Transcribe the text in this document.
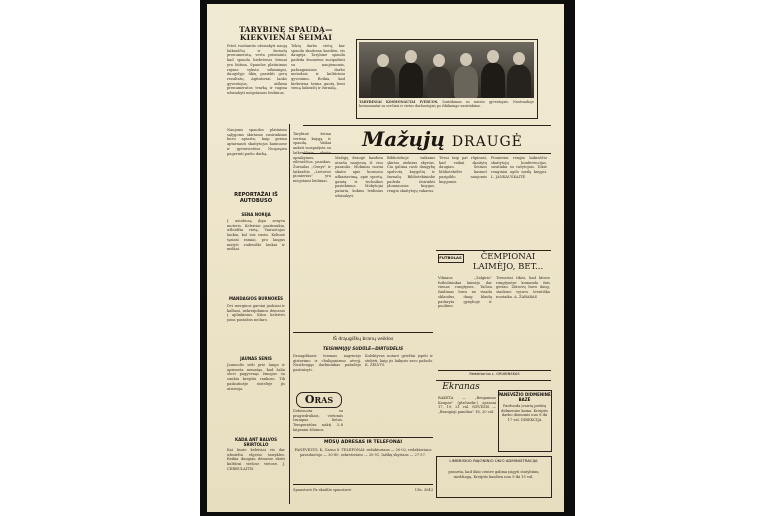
TARYBINĘ SPAUDĄ— KIEKVIENAI ŠEIMAI
Prieš ruošiantis užsisakyti naują laikraščių ir žurnalų prenumeratą, verta prisiminti, kad spauda kiekvienai šeimai yra būtina. Spaudos platinimas rajone vyksta sėkmingai, daugelyje ūkių pasiekti gerų rezultatų. Agitatoriai lanko gyventojus, aiškina prenumeratos tvarką ir ragina užsisakyti mėgstamus leidinius.
Tokių darbo vietų, kur spauda skaitoma kasdien, vis daugėja. Tarybinė spauda padeda žmonėms susipažinti su naujienomis, pažangiaisiais darbo metodais ir kultūriniu gyvenimu. Reikia, kad kiekviena šeima gautų bent vieną laikraštį ir žurnalą.
Naujoms spaudos platinimo sąlygoms skirtame susirinkime buvo aptarta, kaip geriau aptarnauti skaitytojus kaimuose ir gyvenvietėse. Nuspręsta pagerinti pašto darbą.
TARYBINIAI KOSMONAUTAI IVEDUOS. Susitikimas su miesto gyventojais. Nuotraukoje kosmonautai su svečiais ir vietos darbuotojais po iškilmingo susirinkimo.
Mažųjų draugė
REPORTAŽAI IŠ AUTOBUSO
SENA NORIJA
Į autobusą įlipa senyva moteris. Keleiviai pasitraukia, užleidžia vietą. Vairuotojas laukia, kol visi susės. Kelionė tęsiasi ramiai, pro langus matyti rudeniški laukai ir miškai.
MANDAGIOS BURNOKĖS
Dvi merginos garsiai juokiasi ir kalbasi, nekreipdamos dėmesio į aplinkinius. Kitos keleivės joms pastabos nedaro.
JAUNAS SENIS
Jaunuolis sėdi prie lango ir apsimeta nematąs, kad šalia stovi pagyvenęs žmogus su sunkiu krepšiu rankose. Tik paskutinėje stotelėje jis atsistoja.
KADA ANT BALVOS SRIRTOLLO
Kai kurie keleiviai vis dar užmiršta elgesio taisykles. Reikia daugiau dėmesio skirti kultūrai viešose vietose. J. CERBULAITIS
Tarybinė šeima vertina knygą ir spaudą. Vaikai anksti susipažįsta su laikraščiais, skaito apsakymus, eilėraščius, pasakas. Žurnalas „Genys" ir laikraštis „Lietuvos pionierius" yra mėgstami leidiniai.
Mažųjų draugė kasdien atneša naujienų iš viso pasaulio. Mokiniai noriai skaito apie kosmoso užkariavimą, apie sportą, gamtą ir technikos pasiekimus. Mokytojai pataria, kokius leidinius užsisakyti.
Bibliotekoje vaikams skirtas atskiras skyrius. Čia galima rasti daugybę spalvotų knygelių ir žurnalų. Bibliotekininkė padeda išsirinkti įdomiausias knygas, rengia skaitytojų vakarus.
Tėvai taip pat rūpinasi, kad vaikai skaitytų daugiau. Šeimos bibliotekėlės kasmet pasipildo naujomis knygomis.
Pionieriai rengia laikraščio skaitytojų konferencijas, susitinka su rašytojais. Tokie renginiai ugdo meilę knygai. L. JANKAUSKAITĖ
FUTBOLAS	ČEMPIONAI LAIMĖJO, BET...
Vilniaus „Žalgirio" futbolininkai laimėjo dar vienas rungtynes. Tačiau žaidimas buvo ne visada sklandus, daug klaidų padaryta gynyboje ir puolime.
Treneriai tikisi, kad kitose rungtynėse komanda žais geriau. Žiūrovų buvo daug, stadione vyravo šventiška nuotaika. A. ŽABARAS
Redaktorius L. GRUBINSKAS
IŠ drąugiškų branų veiklos
TEISINMŲJŲ SUDŪLĖ—DIRTUDĖLIS
Draugiškasis teismas nagrinėjo girtavimo ir chuliganizmo atvejį. Nusižengęs darbininkas pažadėjo pasitaisyti.
Kolektyvas nutarė griežtai įspėti ir stebėti, kaip jis laikysis savo pažado. K. ŽELVYS
Oras
Debesuota su pragiedruliais, vietomis trumpas lietus. Temperatūra naktį 3–8 laipsniai šilumos.
MŪSŲ ADRESAS IR TELEFONAI
PANEVĖŽYS, K. Čarno 8. TELEFONAI: redaktoriaus — 20-02, redaktoriaus pavaduotojo — 30-80, sekretoriato — 20-51, laiškų skyriaus — 27-57.
Spaustuvė Pa skaitlie spaustuvė	Užs. 3043
Ekranas
RAKETA — „Benjamino Kaupas" (plačiaekr.) seansai 17, 19, 21 val. NEVĖŽIS — „Brangioji pamilau" 18, 20 val.
PANEVĖŽIO DIDMENINĖ BAZĖ
Parduoda įvairių prekių didmenine kaina. Kreiptis darbo dienomis nuo 8 iki 17 val. DIREKCIJA
LIMBRISKIO RAJONINIO ŪKIO ADMINISTRACIJA
praneša, kad ūkio centre galima įsigyti statybinių medžiagų. Kreiptis kasdien nuo 9 iki 15 val.
